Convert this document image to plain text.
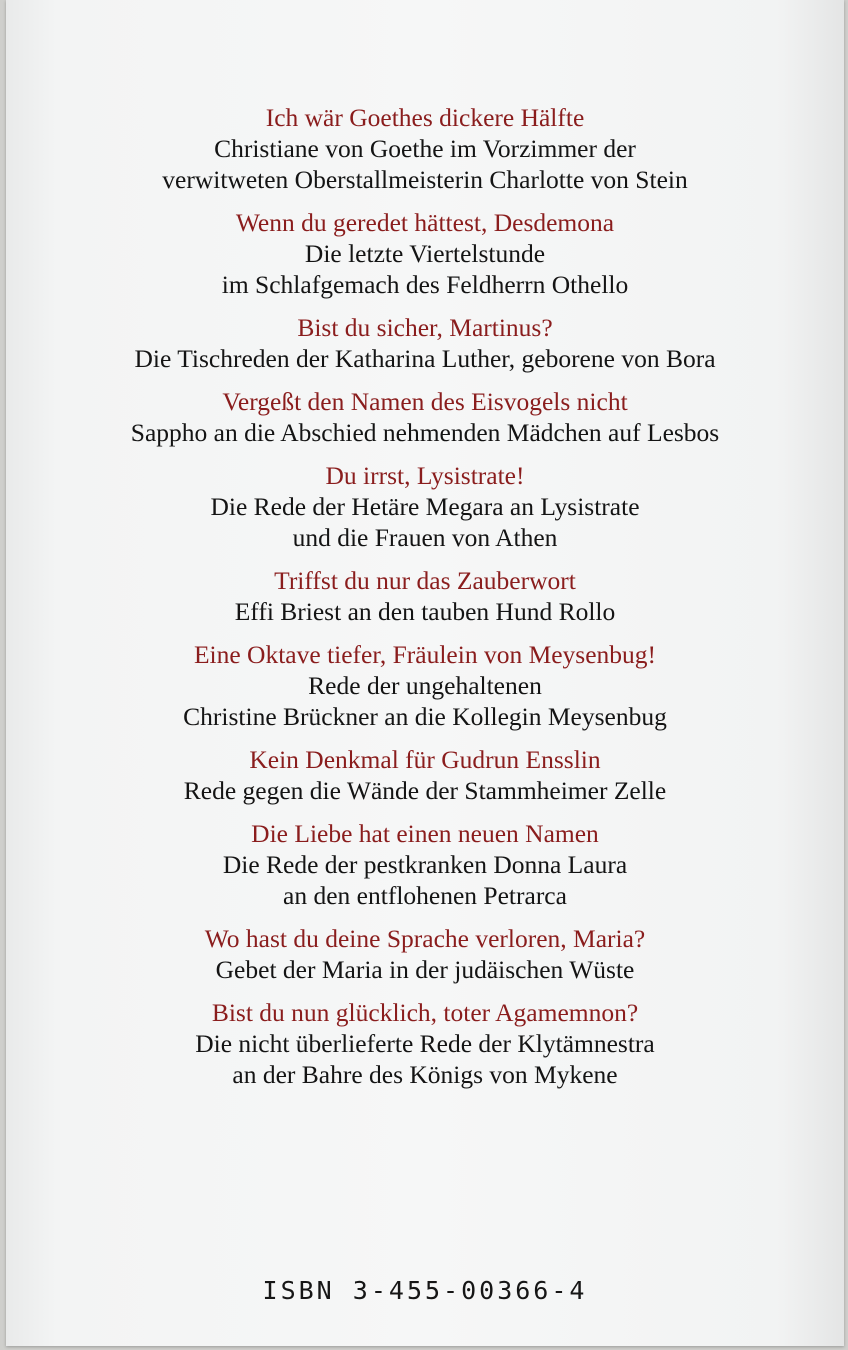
Ich wär Goethes dickere Hälfte
Christiane von Goethe im Vorzimmer der
verwitweten Oberstallmeisterin Charlotte von Stein
Wenn du geredet hättest, Desdemona
Die letzte Viertelstunde
im Schlafgemach des Feldherrn Othello
Bist du sicher, Martinus?
Die Tischreden der Katharina Luther, geborene von Bora
Vergeßt den Namen des Eisvogels nicht
Sappho an die Abschied nehmenden Mädchen auf Lesbos
Du irrst, Lysistrate!
Die Rede der Hetäre Megara an Lysistrate
und die Frauen von Athen
Triffst du nur das Zauberwort
Effi Briest an den tauben Hund Rollo
Eine Oktave tiefer, Fräulein von Meysenbug!
Rede der ungehaltenen
Christine Brückner an die Kollegin Meysenbug
Kein Denkmal für Gudrun Ensslin
Rede gegen die Wände der Stammheimer Zelle
Die Liebe hat einen neuen Namen
Die Rede der pestkranken Donna Laura
an den entflohenen Petrarca
Wo hast du deine Sprache verloren, Maria?
Gebet der Maria in der judäischen Wüste
Bist du nun glücklich, toter Agamemnon?
Die nicht überlieferte Rede der Klytämnestra
an der Bahre des Königs von Mykene
ISBN 3-455-00366-4
